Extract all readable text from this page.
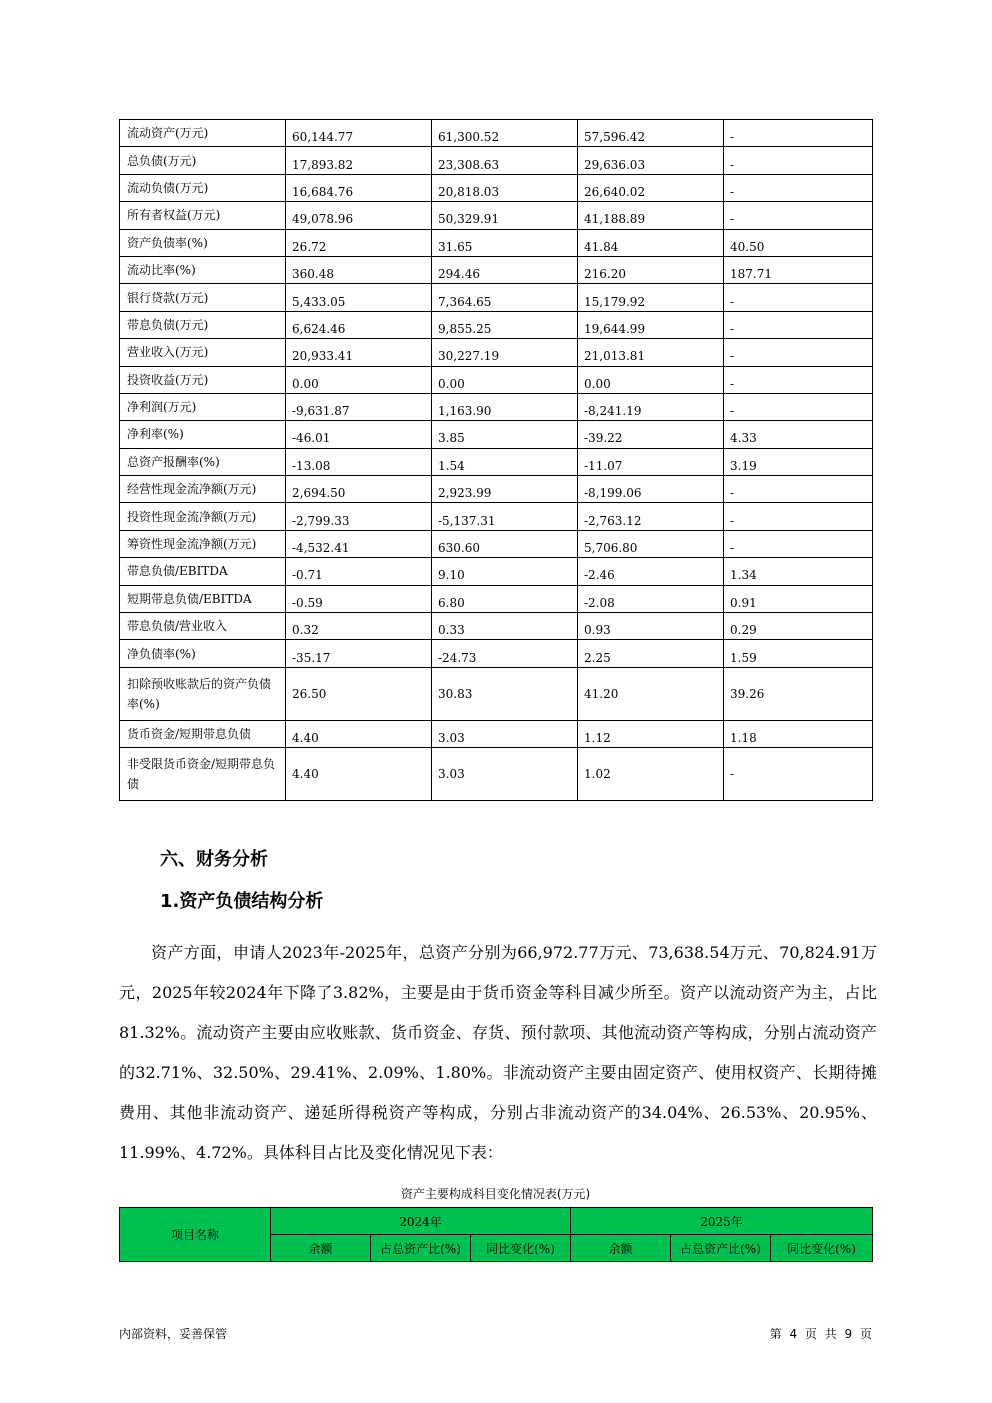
流动资产(万元)	60,144.77	61,300.52	57,596.42	-
总负债(万元)	17,893.82	23,308.63	29,636.03	-
流动负债(万元)	16,684.76	20,818.03	26,640.02	-
所有者权益(万元)	49,078.96	50,329.91	41,188.89	-
资产负债率(%)	26.72	31.65	41.84	40.50
流动比率(%)	360.48	294.46	216.20	187.71
银行贷款(万元)	5,433.05	7,364.65	15,179.92	-
带息负债(万元)	6,624.46	9,855.25	19,644.99	-
营业收入(万元)	20,933.41	30,227.19	21,013.81	-
投资收益(万元)	0.00	0.00	0.00	-
净利润(万元)	-9,631.87	1,163.90	-8,241.19	-
净利率(%)	-46.01	3.85	-39.22	4.33
总资产报酬率(%)	-13.08	1.54	-11.07	3.19
经营性现金流净额(万元)	2,694.50	2,923.99	-8,199.06	-
投资性现金流净额(万元)	-2,799.33	-5,137.31	-2,763.12	-
筹资性现金流净额(万元)	-4,532.41	630.60	5,706.80	-
带息负债/EBITDA	-0.71	9.10	-2.46	1.34
短期带息负债/EBITDA	-0.59	6.80	-2.08	0.91
带息负债/营业收入	0.32	0.33	0.93	0.29
净负债率(%)	-35.17	-24.73	2.25	1.59
扣除预收账款后的资产负债率(%)	26.50	30.83	41.20	39.26
货币资金/短期带息负债	4.40	3.03	1.12	1.18
非受限货币资金/短期带息负债	4.40	3.03	1.02	-
六、财务分析
1.资产负债结构分析

资产方面，申请人2023年-2025年，总资产分别为66,972.77万元、73,638.54万元、70,824.91万元，2025年较2024年下降了3.82%，主要是由于货币资金等科目减少所至。资产以流动资产为主，占比81.32%。流动资产主要由应收账款、货币资金、存货、预付款项、其他流动资产等构成，分别占流动资产的32.71%、32.50%、29.41%、2.09%、1.80%。非流动资产主要由固定资产、使用权资产、长期待摊费用、其他非流动资产、递延所得税资产等构成，分别占非流动资产的34.04%、26.53%、20.95%、11.99%、4.72%。具体科目占比及变化情况见下表：

资产主要构成科目变化情况表(万元)
项目名称	2024年			2025年		
	余额	占总资产比(%)	同比变化(%)	余额	占总资产比(%)	同比变化(%)
内部资料，妥善保管	第 4 页 共 9 页
